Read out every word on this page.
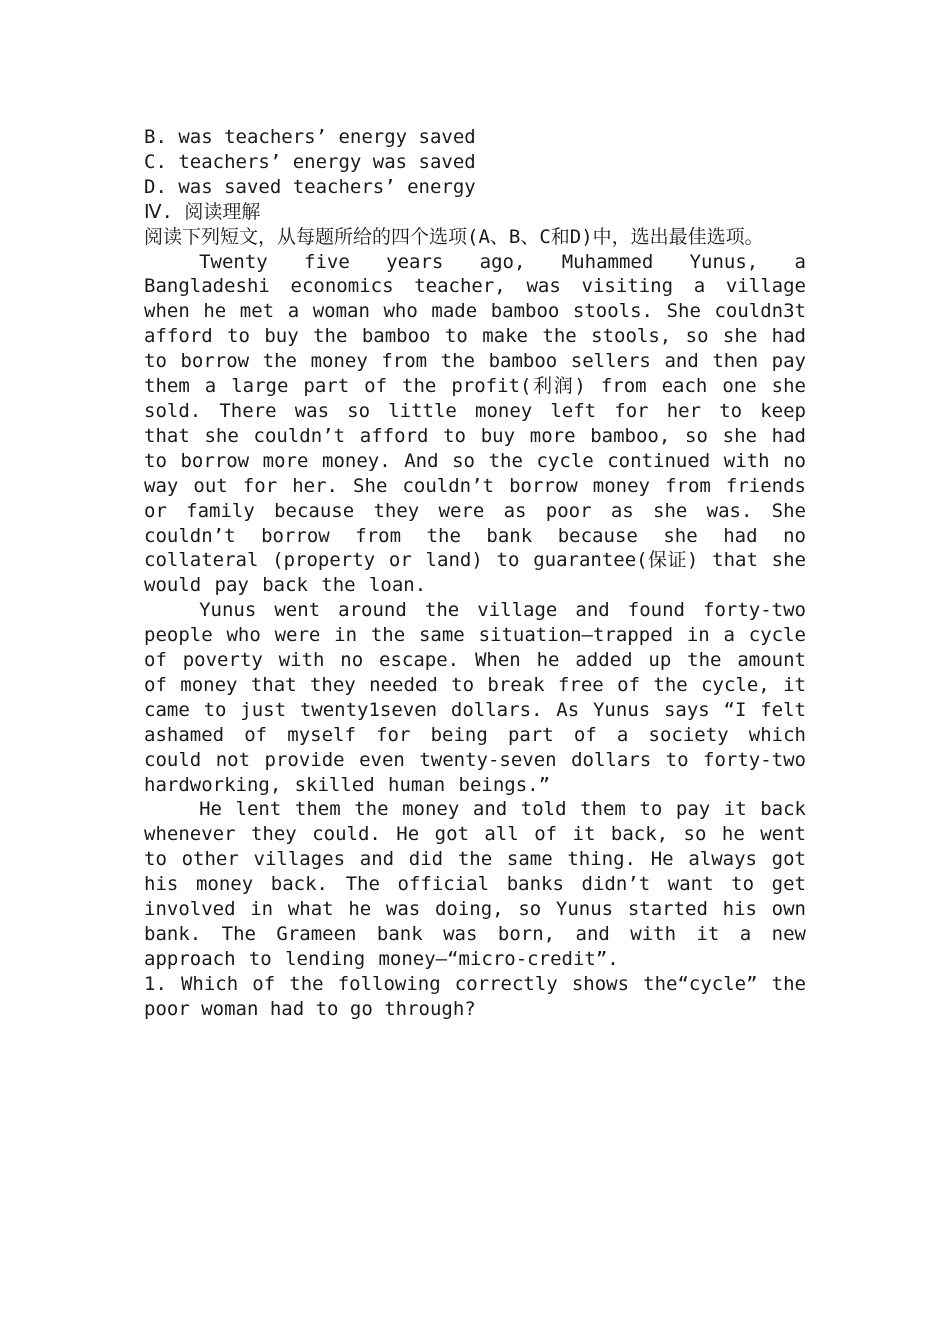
B. was teachers’ energy saved

C. teachers’ energy was saved

D. was saved teachers’ energy

Ⅳ. 阅读理解

阅读下列短文，从每题所给的四个选项(A、B、C和D)中，选出最佳选项。

Twenty five years ago, Muhammed Yunus, a Bangladeshi economics teacher, was visiting a village when he met a woman who made bamboo stools. She couldn3t afford to buy the bamboo to make the stools, so she had to borrow the money from the bamboo sellers and then pay them a large part of the profit(利润) from each one she sold. There was so little money left for her to keep that she couldn’t afford to buy more bamboo, so she had to borrow more money. And so the cycle continued with no way out for her. She couldn’t borrow money from friends or family because they were as poor as she was. She couldn’t borrow from the bank because she had no collateral (property or land) to guarantee(保证) that she would pay back the loan.

Yunus went around the village and found forty-two people who were in the same situation—trapped in a cycle of poverty with no escape. When he added up the amount of money that they needed to break free of the cycle, it came to just twenty1seven dollars. As Yunus says “I felt ashamed of myself for being part of a society which could not provide even twenty-seven dollars to forty-two hardworking, skilled human beings.”

He lent them the money and told them to pay it back whenever they could. He got all of it back, so he went to other villages and did the same thing. He always got his money back. The official banks didn’t want to get involved in what he was doing, so Yunus started his own bank. The Grameen bank was born, and with it a new approach to lending money—“micro-credit”.

1. Which of the following correctly shows the“cycle” the poor woman had to go through?
